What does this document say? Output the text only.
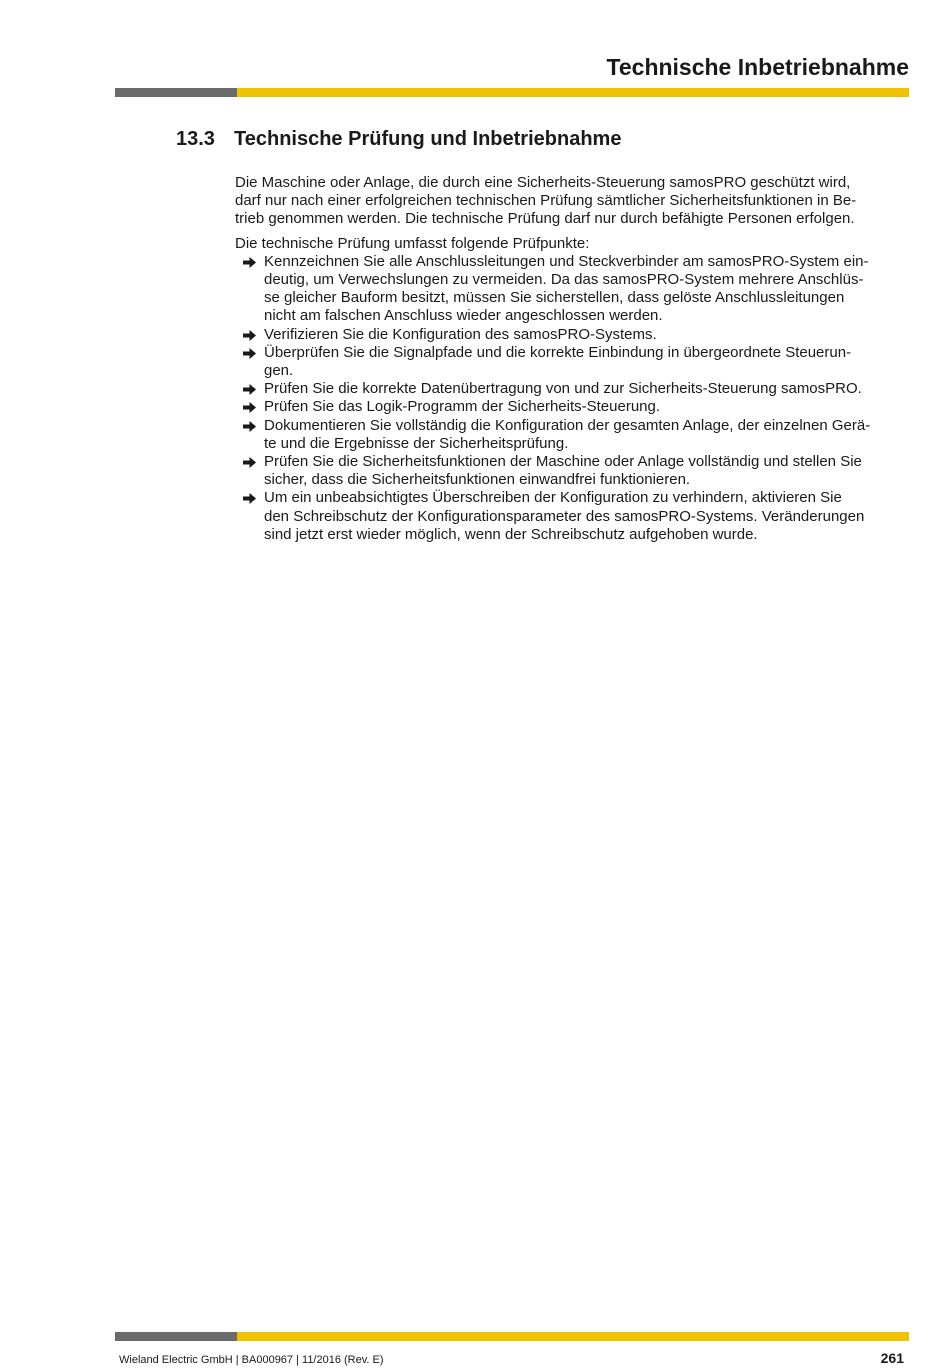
Technische Inbetriebnahme
13.3 Technische Prüfung und Inbetriebnahme

Die Maschine oder Anlage, die durch eine Sicherheits-Steuerung samosPRO geschützt wird,
darf nur nach einer erfolgreichen technischen Prüfung sämtlicher Sicherheitsfunktionen in Be-
trieb genommen werden. Die technische Prüfung darf nur durch befähigte Personen erfolgen.

Die technische Prüfung umfasst folgende Prüfpunkte:

Kennzeichnen Sie alle Anschlussleitungen und Steckverbinder am samosPRO-System ein-
deutig, um Verwechslungen zu vermeiden. Da das samosPRO-System mehrere Anschlüs-
se gleicher Bauform besitzt, müssen Sie sicherstellen, dass gelöste Anschlussleitungen
nicht am falschen Anschluss wieder angeschlossen werden.
Verifizieren Sie die Konfiguration des samosPRO-Systems.
Überprüfen Sie die Signalpfade und die korrekte Einbindung in übergeordnete Steuerun-
gen.
Prüfen Sie die korrekte Datenübertragung von und zur Sicherheits-Steuerung samosPRO.
Prüfen Sie das Logik-Programm der Sicherheits-Steuerung.
Dokumentieren Sie vollständig die Konfiguration der gesamten Anlage, der einzelnen Gerä-
te und die Ergebnisse der Sicherheitsprüfung.
Prüfen Sie die Sicherheitsfunktionen der Maschine oder Anlage vollständig und stellen Sie
sicher, dass die Sicherheitsfunktionen einwandfrei funktionieren.
Um ein unbeabsichtigtes Überschreiben der Konfiguration zu verhindern, aktivieren Sie
den Schreibschutz der Konfigurationsparameter des samosPRO-Systems. Veränderungen
sind jetzt erst wieder möglich, wenn der Schreibschutz aufgehoben wurde.
Wieland Electric GmbH | BA000967 | 11/2016 (Rev. E)	261
